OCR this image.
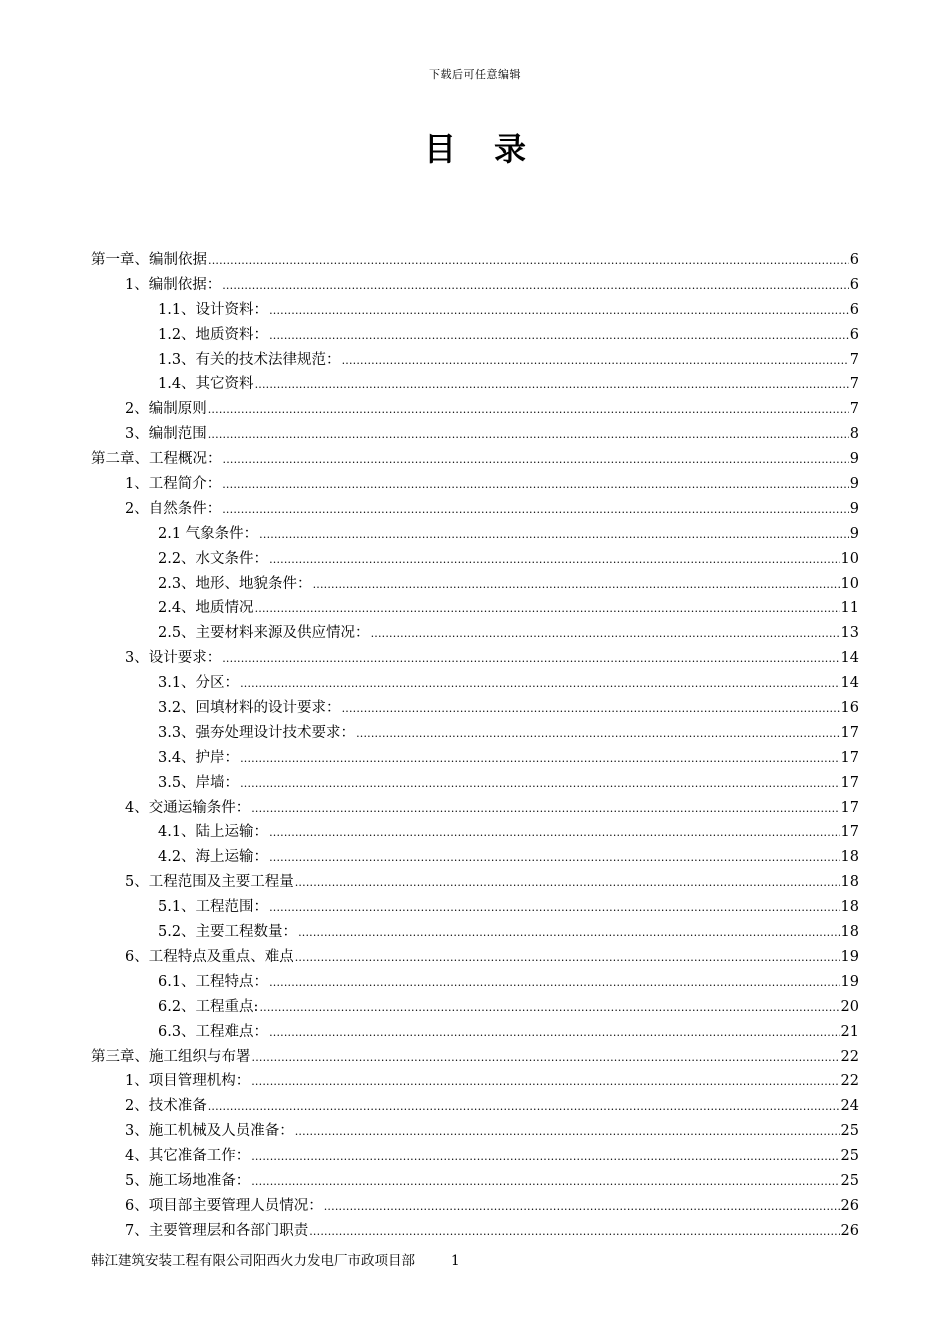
下载后可任意编辑
目 录
第一章、编制依据 .....	6
1、编制依据： .....	6
1.1、设计资料： .....	6
1.2、地质资料： .....	6
1.3、有关的技术法律规范： .....	7
1.4、其它资料 .....	7
2、编制原则 .....	7
3、编制范围 .....	8
第二章、工程概况： .....	9
1、工程简介： .....	9
2、自然条件： .....	9
2.1 气象条件： .....	9
2.2、水文条件： .....	10
2.3、地形、地貌条件： .....	10
2.4、地质情况 .....	11
2.5、主要材料来源及供应情况： .....	13
3、设计要求： .....	14
3.1、分区： .....	14
3.2、回填材料的设计要求： .....	16
3.3、强夯处理设计技术要求： .....	17
3.4、护岸： .....	17
3.5、岸墙： .....	17
4、交通运输条件： .....	17
4.1、陆上运输： .....	17
4.2、海上运输： .....	18
5、工程范围及主要工程量 .....	18
5.1、工程范围： .....	18
5.2、主要工程数量： .....	18
6、工程特点及重点、难点 .....	19
6.1、工程特点： .....	19
6.2、工程重点: .....	20
6.3、工程难点： .....	21
第三章、施工组织与布署 .....	22
1、项目管理机构： .....	22
2、技术准备 .....	24
3、施工机械及人员准备： .....	25
4、其它准备工作： .....	25
5、施工场地准备： .....	25
6、项目部主要管理人员情况： .....	26
7、主要管理层和各部门职责 .....	26
韩江建筑安装工程有限公司阳西火力发电厂市政项目部	1
